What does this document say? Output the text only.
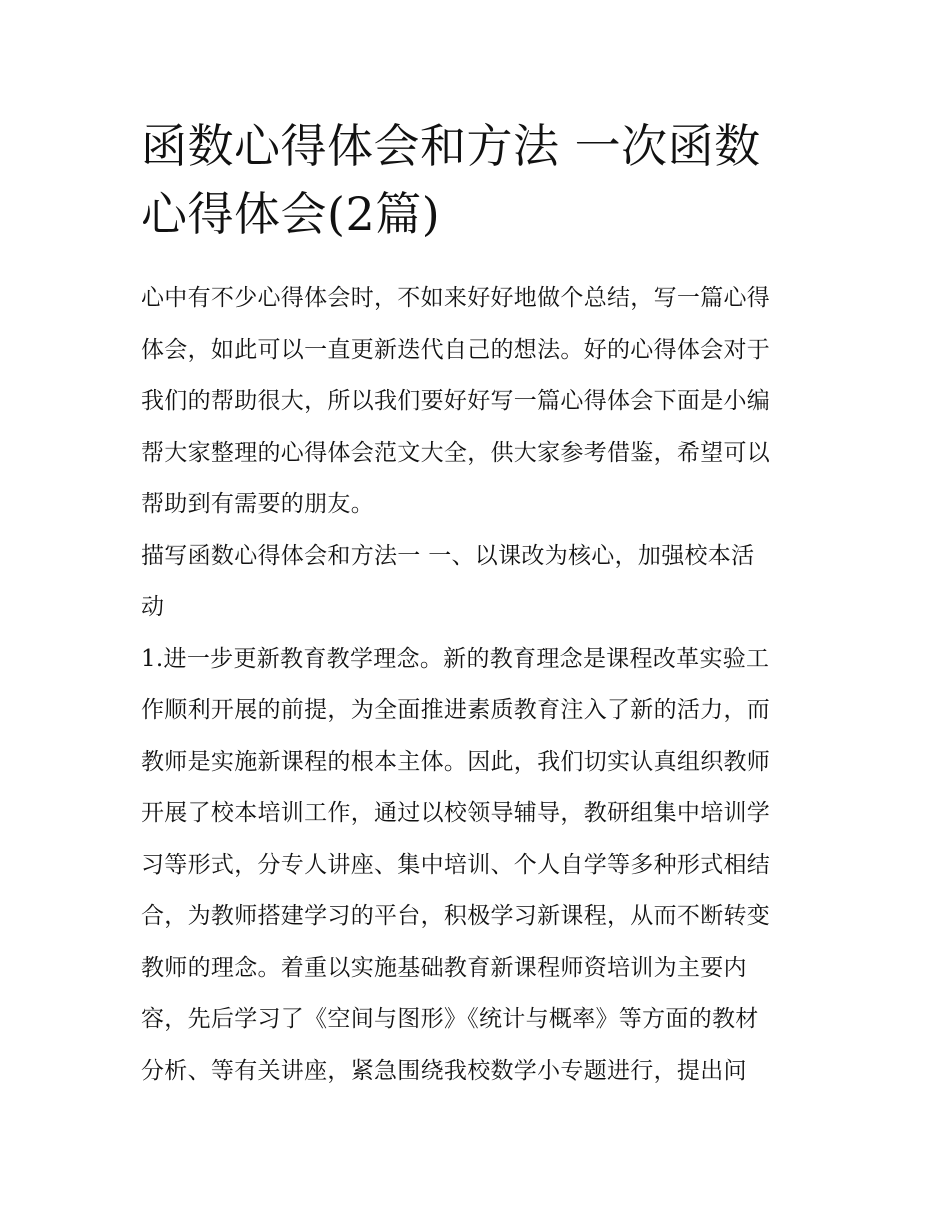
函数心得体会和方法 一次函数
心得体会(2篇)

心中有不少心得体会时，不如来好好地做个总结，写一篇心得
体会，如此可以一直更新迭代自己的想法。好的心得体会对于
我们的帮助很大，所以我们要好好写一篇心得体会下面是小编
帮大家整理的心得体会范文大全，供大家参考借鉴，希望可以
帮助到有需要的朋友。

描写函数心得体会和方法一 一、以课改为核心，加强校本活
动

1.进一步更新教育教学理念。新的教育理念是课程改革实验工
作顺利开展的前提，为全面推进素质教育注入了新的活力，而
教师是实施新课程的根本主体。因此，我们切实认真组织教师
开展了校本培训工作，通过以校领导辅导，教研组集中培训学
习等形式，分专人讲座、集中培训、个人自学等多种形式相结
合，为教师搭建学习的平台，积极学习新课程，从而不断转变
教师的理念。着重以实施基础教育新课程师资培训为主要内
容，先后学习了《空间与图形》《统计与概率》等方面的教材
分析、等有关讲座，紧急围绕我校数学小专题进行，提出问
